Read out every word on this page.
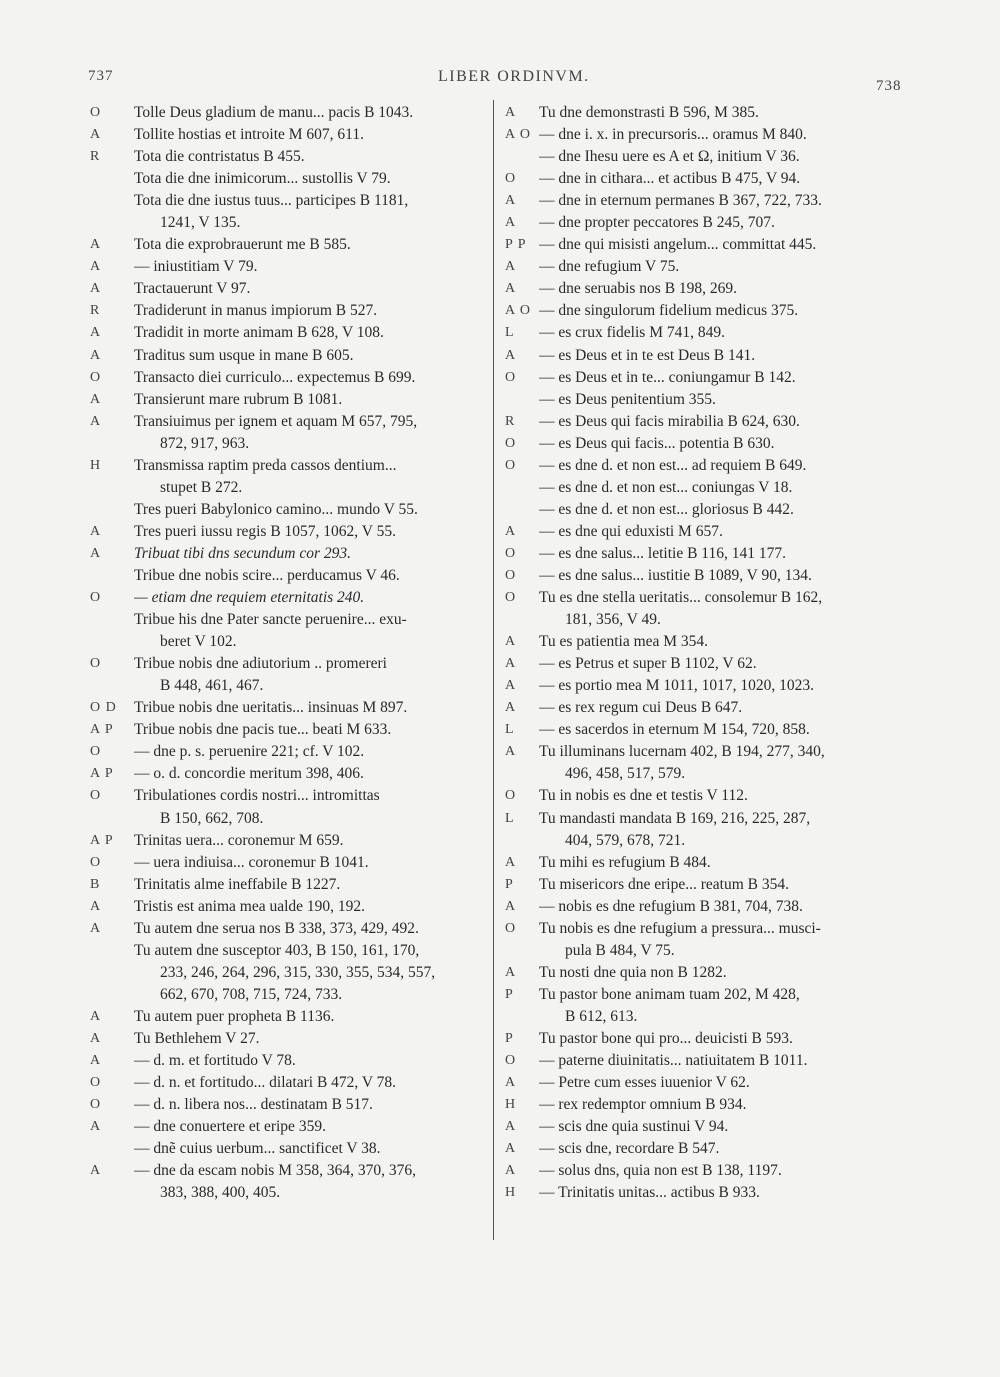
737	LIBER ORDINVM.
738
O	Tolle Deus gladium de manu... pacis B 1043.
A	Tollite hostias et introite M 607, 611.
R	Tota die contristatus B 455.
Tota die dne inimicorum... sustollis V 79.
Tota die dne iustus tuus... participes B 1181,
1241, V 135.
A	Tota die exprobrauerunt me B 585.
A	— iniustitiam V 79.
A	Tractauerunt V 97.
R	Tradiderunt in manus impiorum B 527.
A	Tradidit in morte animam B 628, V 108.
A	Traditus sum usque in mane B 605.
O	Transacto diei curriculo... expectemus B 699.
A	Transierunt mare rubrum B 1081.
A	Transiuimus per ignem et aquam M 657, 795,
872, 917, 963.
H	Transmissa raptim preda cassos dentium...
stupet B 272.
Tres pueri Babylonico camino... mundo V 55.
A	Tres pueri iussu regis B 1057, 1062, V 55.
A	Tribuat tibi dns secundum cor 293.
Tribue dne nobis scire... perducamus V 46.
O	— etiam dne requiem eternitatis 240.
Tribue his dne Pater sancte peruenire... exu-
beret V 102.
O	Tribue nobis dne adiutorium .. promereri
B 448, 461, 467.
O D	Tribue nobis dne ueritatis... insinuas M 897.
A P	Tribue nobis dne pacis tue... beati M 633.
O	— dne p. s. peruenire 221; cf. V 102.
A P	— o. d. concordie meritum 398, 406.
O	Tribulationes cordis nostri... intromittas
B 150, 662, 708.
A P	Trinitas uera... coronemur M 659.
O	— uera indiuisa... coronemur B 1041.
B	Trinitatis alme ineffabile B 1227.
A	Tristis est anima mea ualde 190, 192.
A	Tu autem dne serua nos B 338, 373, 429, 492.
Tu autem dne susceptor 403, B 150, 161, 170,
233, 246, 264, 296, 315, 330, 355, 534, 557,
662, 670, 708, 715, 724, 733.
A	Tu autem puer propheta B 1136.
A	Tu Bethlehem V 27.
A	— d. m. et fortitudo V 78.
O	— d. n. et fortitudo... dilatari B 472, V 78.
O	— d. n. libera nos... destinatam B 517.
A	— dne conuertere et eripe 359.
— dnẽ cuius uerbum... sanctificet V 38.
A	— dne da escam nobis M 358, 364, 370, 376,
383, 388, 400, 405.
A	Tu dne demonstrasti B 596, M 385.
A O — dne i. x. in precursoris... oramus M 840.
— dne Ihesu uere es A et Ω, initium V 36.
O	— dne in cithara... et actibus B 475, V 94.
A	— dne in eternum permanes B 367, 722, 733.
A	— dne propter peccatores B 245, 707.
P P — dne qui misisti angelum... committat 445.
A	— dne refugium V 75.
A	— dne seruabis nos B 198, 269.
A O — dne singulorum fidelium medicus 375.
L	— es crux fidelis M 741, 849.
A	— es Deus et in te est Deus B 141.
O	— es Deus et in te... coniungamur B 142.
— es Deus penitentium 355.
R	— es Deus qui facis mirabilia B 624, 630.
O	— es Deus qui facis... potentia B 630.
O	— es dne d. et non est... ad requiem B 649.
— es dne d. et non est... coniungas V 18.
— es dne d. et non est... gloriosus B 442.
A	— es dne qui eduxisti M 657.
O	— es dne salus... letitie B 116, 141 177.
O	— es dne salus... iustitie B 1089, V 90, 134.
O	Tu es dne stella ueritatis... consolemur B 162,
181, 356, V 49.
A	Tu es patientia mea M 354.
A	— es Petrus et super B 1102, V 62.
A	— es portio mea M 1011, 1017, 1020, 1023.
A	— es rex regum cui Deus B 647.
L	— es sacerdos in eternum M 154, 720, 858.
A	Tu illuminans lucernam 402, B 194, 277, 340,
496, 458, 517, 579.
O	Tu in nobis es dne et testis V 112.
L	Tu mandasti mandata B 169, 216, 225, 287,
404, 579, 678, 721.
A	Tu mihi es refugium B 484.
P	Tu misericors dne eripe... reatum B 354.
A	— nobis es dne refugium B 381, 704, 738.
O	Tu nobis es dne refugium a pressura... musci-
pula B 484, V 75.
A	Tu nosti dne quia non B 1282.
P	Tu pastor bone animam tuam 202, M 428,
B 612, 613.
P	Tu pastor bone qui pro... deuicisti B 593.
O	— paterne diuinitatis... natiuitatem B 1011.
A	— Petre cum esses iuuenior V 62.
H	— rex redemptor omnium B 934.
A	— scis dne quia sustinui V 94.
A	— scis dne, recordare B 547.
A	— solus dns, quia non est B 138, 1197.
H	— Trinitatis unitas... actibus B 933.
